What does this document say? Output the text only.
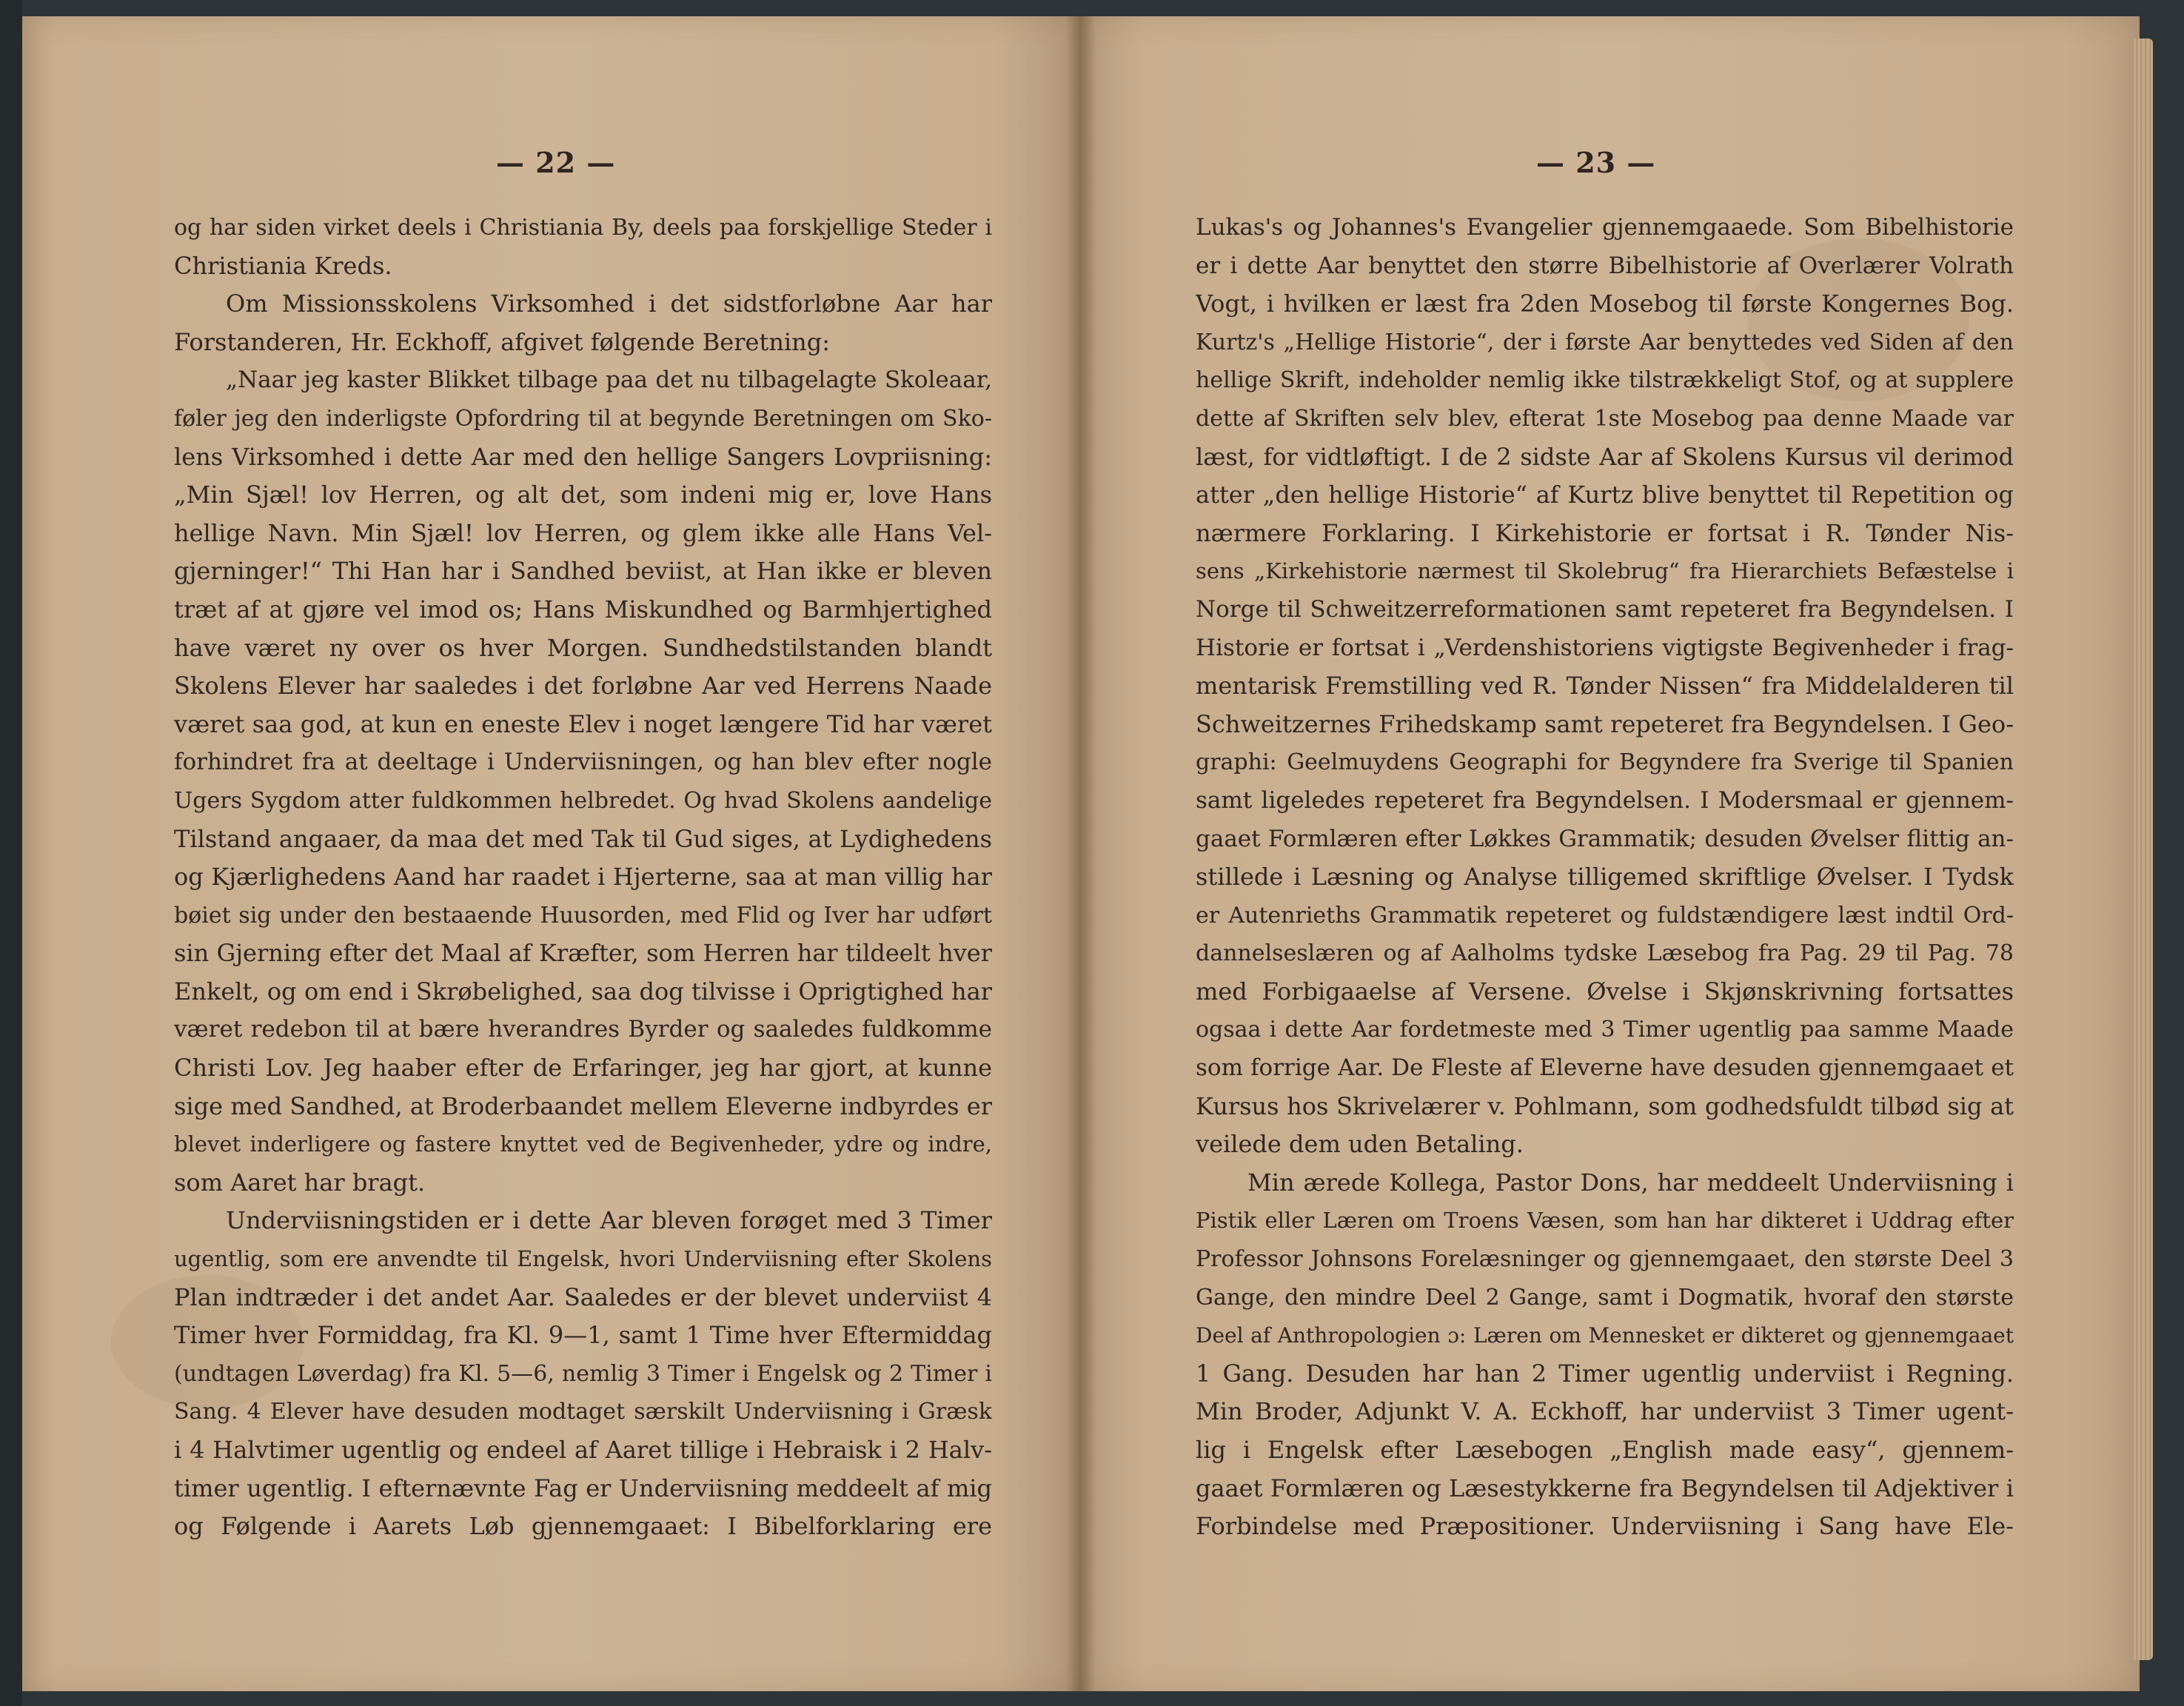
— 22 —
og har siden virket deels i Christiania By, deels paa forskjellige Steder i
Christiania Kreds.
Om Missionsskolens Virksomhed i det sidstforløbne Aar har
Forstanderen, Hr. Eckhoff, afgivet følgende Beretning:
„Naar jeg kaster Blikket tilbage paa det nu tilbagelagte Skoleaar,
føler jeg den inderligste Opfordring til at begynde Beretningen om Sko-
lens Virksomhed i dette Aar med den hellige Sangers Lovpriisning:
„Min Sjæl! lov Herren, og alt det, som indeni mig er, love Hans
hellige Navn. Min Sjæl! lov Herren, og glem ikke alle Hans Vel-
gjerninger!“ Thi Han har i Sandhed beviist, at Han ikke er bleven
træt af at gjøre vel imod os; Hans Miskundhed og Barmhjertighed
have været ny over os hver Morgen. Sundhedstilstanden blandt
Skolens Elever har saaledes i det forløbne Aar ved Herrens Naade
været saa god, at kun en eneste Elev i noget længere Tid har været
forhindret fra at deeltage i Underviisningen, og han blev efter nogle
Ugers Sygdom atter fuldkommen helbredet. Og hvad Skolens aandelige
Tilstand angaaer, da maa det med Tak til Gud siges, at Lydighedens
og Kjærlighedens Aand har raadet i Hjerterne, saa at man villig har
bøiet sig under den bestaaende Huusorden, med Flid og Iver har udført
sin Gjerning efter det Maal af Kræfter, som Herren har tildeelt hver
Enkelt, og om end i Skrøbelighed, saa dog tilvisse i Oprigtighed har
været redebon til at bære hverandres Byrder og saaledes fuldkomme
Christi Lov. Jeg haaber efter de Erfaringer, jeg har gjort, at kunne
sige med Sandhed, at Broderbaandet mellem Eleverne indbyrdes er
blevet inderligere og fastere knyttet ved de Begivenheder, ydre og indre,
som Aaret har bragt.
Underviisningstiden er i dette Aar bleven forøget med 3 Timer
ugentlig, som ere anvendte til Engelsk, hvori Underviisning efter Skolens
Plan indtræder i det andet Aar. Saaledes er der blevet underviist 4
Timer hver Formiddag, fra Kl. 9—1, samt 1 Time hver Eftermiddag
(undtagen Løverdag) fra Kl. 5—6, nemlig 3 Timer i Engelsk og 2 Timer i
Sang. 4 Elever have desuden modtaget særskilt Underviisning i Græsk
i 4 Halvtimer ugentlig og endeel af Aaret tillige i Hebraisk i 2 Halv-
timer ugentlig. I efternævnte Fag er Underviisning meddeelt af mig
og Følgende i Aarets Løb gjennemgaaet: I Bibelforklaring ere
— 23 —
Lukas's og Johannes's Evangelier gjennemgaaede. Som Bibelhistorie
er i dette Aar benyttet den større Bibelhistorie af Overlærer Volrath
Vogt, i hvilken er læst fra 2den Mosebog til første Kongernes Bog.
Kurtz's „Hellige Historie“, der i første Aar benyttedes ved Siden af den
hellige Skrift, indeholder nemlig ikke tilstrækkeligt Stof, og at supplere
dette af Skriften selv blev, efterat 1ste Mosebog paa denne Maade var
læst, for vidtløftigt. I de 2 sidste Aar af Skolens Kursus vil derimod
atter „den hellige Historie“ af Kurtz blive benyttet til Repetition og
nærmere Forklaring. I Kirkehistorie er fortsat i R. Tønder Nis-
sens „Kirkehistorie nærmest til Skolebrug“ fra Hierarchiets Befæstelse i
Norge til Schweitzerreformationen samt repeteret fra Begyndelsen. I
Historie er fortsat i „Verdenshistoriens vigtigste Begivenheder i frag-
mentarisk Fremstilling ved R. Tønder Nissen“ fra Middelalderen til
Schweitzernes Frihedskamp samt repeteret fra Begyndelsen. I Geo-
graphi: Geelmuydens Geographi for Begyndere fra Sverige til Spanien
samt ligeledes repeteret fra Begyndelsen. I Modersmaal er gjennem-
gaaet Formlæren efter Løkkes Grammatik; desuden Øvelser flittig an-
stillede i Læsning og Analyse tilligemed skriftlige Øvelser. I Tydsk
er Autenrieths Grammatik repeteret og fuldstændigere læst indtil Ord-
dannelseslæren og af Aalholms tydske Læsebog fra Pag. 29 til Pag. 78
med Forbigaaelse af Versene. Øvelse i Skjønskrivning fortsattes
ogsaa i dette Aar fordetmeste med 3 Timer ugentlig paa samme Maade
som forrige Aar. De Fleste af Eleverne have desuden gjennemgaaet et
Kursus hos Skrivelærer v. Pohlmann, som godhedsfuldt tilbød sig at
veilede dem uden Betaling.
Min ærede Kollega, Pastor Dons, har meddeelt Underviisning i
Pistik eller Læren om Troens Væsen, som han har dikteret i Uddrag efter
Professor Johnsons Forelæsninger og gjennemgaaet, den største Deel 3
Gange, den mindre Deel 2 Gange, samt i Dogmatik, hvoraf den største
Deel af Anthropologien ɔ: Læren om Mennesket er dikteret og gjennemgaaet
1 Gang. Desuden har han 2 Timer ugentlig underviist i Regning.
Min Broder, Adjunkt V. A. Eckhoff, har underviist 3 Timer ugent-
lig i Engelsk efter Læsebogen „English made easy“, gjennem-
gaaet Formlæren og Læsestykkerne fra Begyndelsen til Adjektiver i
Forbindelse med Præpositioner. Underviisning i Sang have Ele-
